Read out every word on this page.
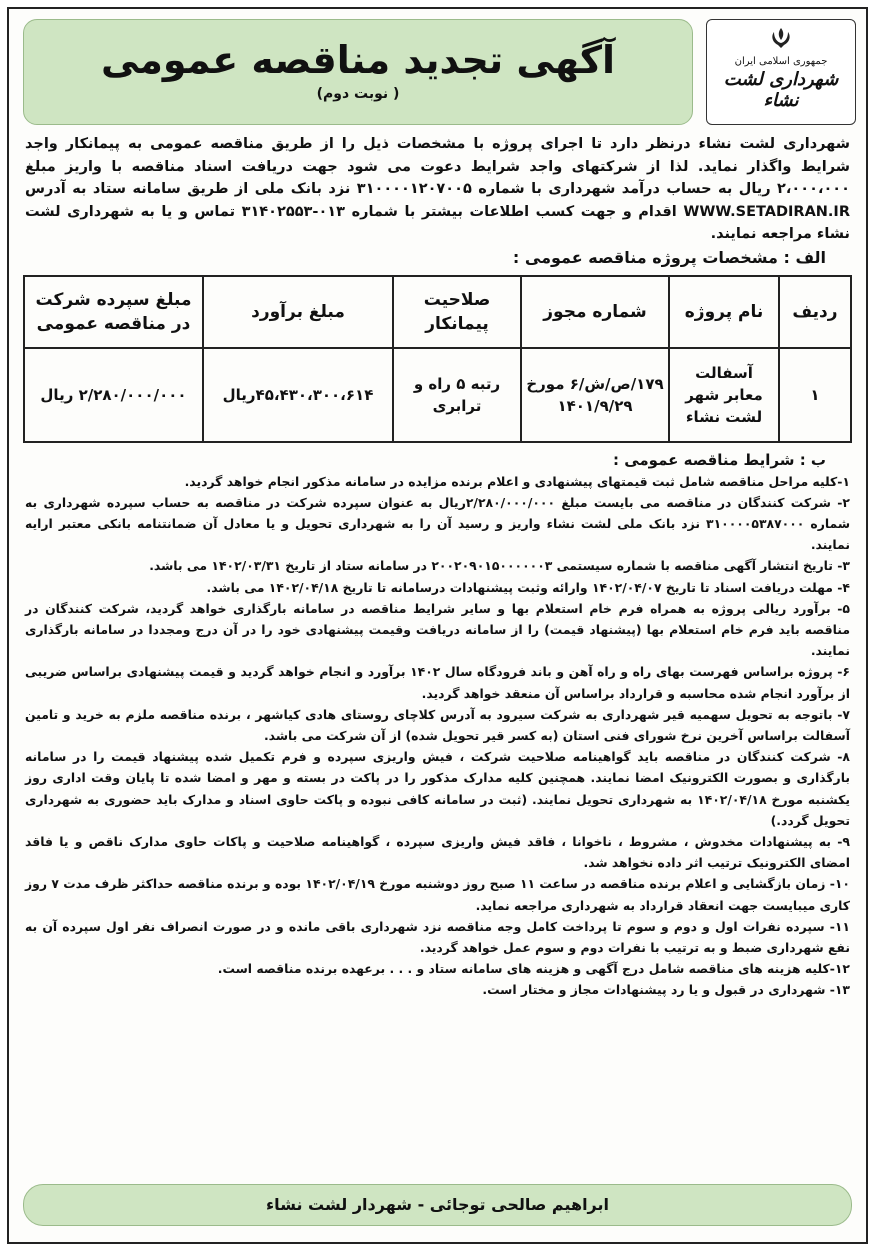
آگهی تجدید مناقصه عمومی
( نوبت دوم)
جمهوری اسلامی ایران
شهرداری لشت نشاء
شهرداری لشت نشاء درنظر دارد تا اجرای پروژه با مشخصات ذیل را از طریق مناقصه عمومی به پیمانکار واجد شرایط واگذار نماید. لذا از شرکتهای واجد شرایط دعوت می شود جهت دریافت اسناد مناقصه با واریز مبلغ ۲،۰۰۰،۰۰۰ ریال به حساب درآمد شهرداری با شماره ۳۱۰۰۰۰۱۲۰۷۰۰۵ نزد بانک ملی از طریق سامانه ستاد به آدرس WWW.SETADIRAN.IR اقدام و جهت کسب اطلاعات بیشتر با شماره ۰۱۳-۳۱۴۰۲۵۵۳ تماس و یا به شهرداری لشت نشاء مراجعه نمایند.
الف : مشخصات پروژه مناقصه عمومی :
ردیف	نام پروژه	شماره مجوز	صلاحیت پیمانکار	مبلغ برآورد	مبلغ سپرده شرکت در مناقصه عمومی
۱	آسفالت معابر شهر لشت نشاء	۱۷۹/ص/ش/۶ مورخ ۱۴۰۱/۹/۲۹	رتبه ۵ راه و ترابری	۴۵،۴۳۰،۳۰۰،۶۱۴ریال	۲/۲۸۰/۰۰۰/۰۰۰ ریال
ب : شرایط مناقصه عمومی :

۱-کلیه مراحل مناقصه شامل ثبت قیمتهای پیشنهادی و اعلام برنده مزایده در سامانه مذکور انجام خواهد گردید.

۲- شرکت کنندگان در مناقصه می بایست مبلغ ۲/۲۸۰/۰۰۰/۰۰۰ریال به عنوان سپرده شرکت در مناقصه به حساب سپرده شهرداری به شماره ۳۱۰۰۰۰۵۳۸۷۰۰۰ نزد بانک ملی لشت نشاء واریز و رسید آن را به شهرداری تحویل و یا معادل آن ضمانتنامه بانکی معتبر ارایه نمایند.

۳- تاریخ انتشار آگهی مناقصه با شماره سیستمی ۲۰۰۲۰۹۰۱۵۰۰۰۰۰۰۳ در سامانه ستاد از تاریخ ۱۴۰۲/۰۳/۳۱ می باشد.

۴- مهلت دریافت اسناد تا تاریخ ۱۴۰۲/۰۴/۰۷ وارائه وثبت پیشنهادات درسامانه تا تاریخ ۱۴۰۲/۰۴/۱۸ می باشد.

۵- برآورد ریالی پروژه به همراه فرم خام استعلام بها و سایر شرایط مناقصه در سامانه بارگذاری خواهد گردید، شرکت کنندگان در مناقصه باید فرم خام استعلام بها (پیشنهاد قیمت) را از سامانه دریافت وقیمت پیشنهادی خود را در آن درج ومجددا در سامانه بارگذاری نمایند.

۶- پروژه براساس فهرست بهای راه و راه آهن و باند فرودگاه سال ۱۴۰۲ برآورد و انجام خواهد گردید و قیمت پیشنهادی براساس ضریبی از برآورد انجام شده محاسبه و قرارداد براساس آن منعقد خواهد گردید.

۷- باتوجه به تحویل سهمیه قیر شهرداری به شرکت سیرود به آدرس کلاچای روستای هادی کیاشهر ، برنده مناقصه ملزم به خرید و تامین آسفالت براساس آخرین نرخ شورای فنی استان (به کسر قیر تحویل شده) از آن شرکت می باشد.

۸- شرکت کنندگان در مناقصه باید گواهینامه صلاحیت شرکت ، فیش واریزی سپرده و فرم تکمیل شده پیشنهاد قیمت را در سامانه بارگذاری و بصورت الکترونیک امضا نمایند. همچنین کلیه مدارک مذکور را در پاکت در بسته و مهر و امضا شده تا پایان وقت اداری روز یکشنبه مورخ ۱۴۰۲/۰۴/۱۸ به شهرداری تحویل نمایند. (ثبت در سامانه کافی نبوده و پاکت حاوی اسناد و مدارک باید حضوری به شهرداری تحویل گردد.)

۹- به پیشنهادات مخدوش ، مشروط ، ناخوانا ، فاقد فیش واریزی سپرده ، گواهینامه صلاحیت و پاکات حاوی مدارک ناقص و یا فاقد امضای الکترونیک ترتیب اثر داده نخواهد شد.

۱۰- زمان بازگشایی و اعلام برنده مناقصه در ساعت ۱۱ صبح روز دوشنبه مورخ ۱۴۰۲/۰۴/۱۹ بوده و برنده مناقصه حداکثر ظرف مدت ۷ روز کاری میبایست جهت انعقاد قرارداد به شهرداری مراجعه نماید.

۱۱- سپرده نفرات اول و دوم و سوم تا پرداخت کامل وجه مناقصه نزد شهرداری باقی مانده و در صورت انصراف نفر اول سپرده آن به نفع شهرداری ضبط و به ترتیب با نفرات دوم و سوم عمل خواهد گردید.

۱۲-کلیه هزینه های مناقصه شامل درج آگهی و هزینه های سامانه ستاد و . . . برعهده برنده مناقصه است.

۱۳- شهرداری در قبول و یا رد پیشنهادات مجاز و مختار است.

ابراهیم صالحی توجائی - شهردار لشت نشاء
